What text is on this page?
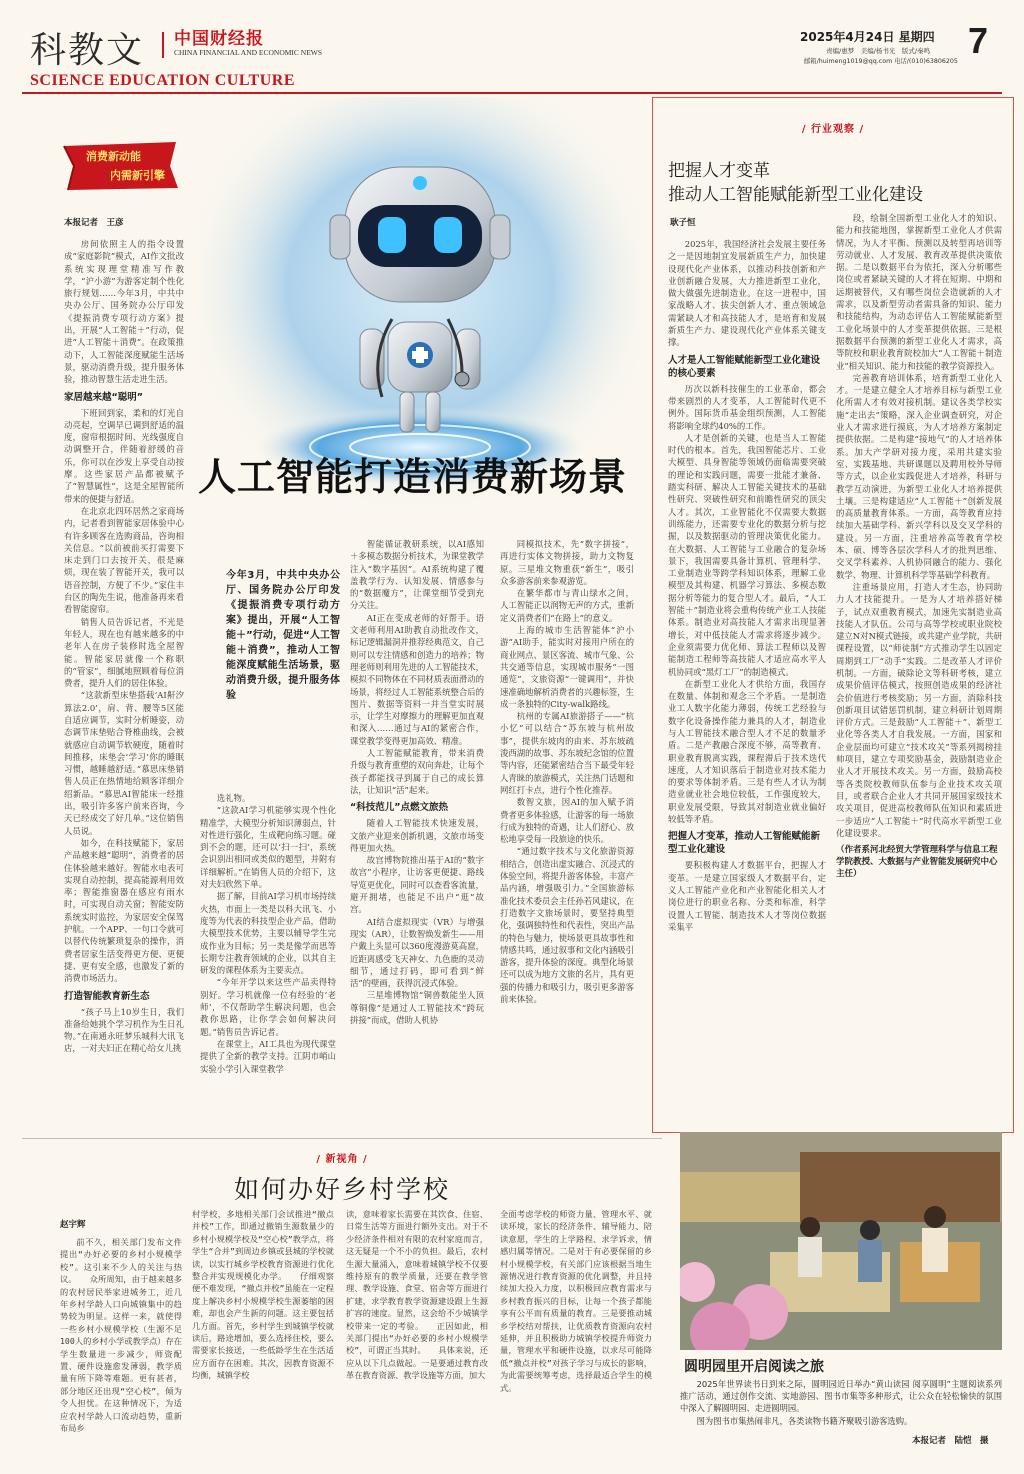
科教文 中国财经报
CHINA FINANCIAL AND ECONOMIC NEWS
SCIENCE EDUCATION CULTURE
2025年4月24日 星期四 7
责编/惠梦　美编/杨书光　版式/秦鸣
邮箱/huimeng1019@qq.com 电话/(010)63806205
消费新动能
内需新引擎
本报记者　王彦
人工智能打造消费新场景

今年3月，中共中央办公厅、国务院办公厅印发《提振消费专项行动方案》提出，开展“人工智能＋”行动，促进“人工智能＋消费”，推动人工智能深度赋能生活场景，驱动消费升级，提升服务体验

房间依照主人的指令设置成“家庭影院”模式，AI作文批改系统实现理堂精准写作教学，“沪小游”为游客定制个性化旅行规划……今年3月，中共中央办公厅、国务院办公厅印发《提振消费专项行动方案》提出，开展“人工智能＋”行动，促进“人工智能＋消费”。在政策推动下，人工智能深度赋能生活场景，驱动消费升级，提升服务体验，推动智慧生活走进生活。

家居越来越“聪明”

下班回到家，柔和的灯光自动亮起，空调早已调到舒适的温度，窗帘根据时间、光线强度自动调整开合，伴随着舒缓的音乐，你可以在沙发上享受自动按摩。这些家居产品都被赋予了“智慧属性”，这是全屋智能所带来的便捷与舒适。

在北京北四环居然之家商场内，记者看到智能家居体验中心有许多顾客在选购商品，咨询相关信息。“以前被前买打需要下床走到门口去按开关，很是麻烦，现在装了智能开关，我可以语音控制，方便了不少。”家住丰台区的陶先生说，他准备再来看看智能窗帘。

销售人员告诉记者，不光是年轻人，现在也有越来越多的中老年人在房子装修时选全屋智能。智能家居就像一个称职的“管家”，细腻地照顾着每位消费者，提升人们的居住体验。

“这款新型床垫搭载‘AI鼾汐算法2.0’，肩、背、腰等5区能自适应调节，实时分析睡姿，动态调节床垫贴合脊椎曲线，会被就感应自动调节软硬度，随着时间推移，床垫会‘学习’你的睡眠习惯，越睡越舒适。”慕思床垫销售人员正在热情地给顾客详细介绍新品。“慕思AI智能床一经推出，吸引许多客户前来咨询，今天已经成交了好几单。”这位销售人员说。

如今，在科技赋能下，家居产品越来越“聪明”，消费者的居住体验越来越好。智能水电表可实现自动控制，提高能源利用效率；智能推窗器在感应有雨水时，可实现自动关窗；智能安防系统实时监控，为家居安全保驾护航。一个APP、一句口令就可以替代传统繁琐复杂的操作，消费者居家生活变得更方便、更便捷、更有安全感，也激发了新的消费市场活力。

打造智能教育新生态

“孩子马上10岁生日，我们准备给她挑个学习机作为生日礼物。”在南通永旺梦乐城科大讯飞店，一对夫妇正在精心给女儿挑

选礼物。

“这款AI学习机能够实现个性化精准学，大模型分析知识薄弱点，针对性进行强化，生成靶向练习题。碰到不会的题，还可以‘扫一扫’，系统会识别出相同或类似的题型，并附有详细解析。”在销售人员的介绍下，这对夫妇欣然下单。

据了解，目前AI学习机市场持续火热，市面上一类是以科大讯飞、小度等为代表的科技型企业产品，借助大模型技术优势，主要以辅导学生完成作业为目标；另一类是像学而思等长期专注教育领域的企业，以其自主研发的课程体系为主要卖点。

“今年开学以来这些产品卖得特别好。学习机就像一位有经验的‘老师’，不仅帮助学生解决问题，也会教你思路，让你学会如何解决问题。”销售员告诉记者。

在课堂上，AI工具也为现代课堂提供了全新的教学支持。江阴市峭山实验小学引入课堂教学

智能循证教研系统，以AI感知＋多模态数据分析技术，为课堂教学注入“数字基因”。AI系统构建了覆盖教学行为、认知发展、情感参与的“数据魔方”，让课堂细节受到充分关注。

AI正在变成老师的好帮手。语文老师利用AI助教自动批改作文，标记逻辑漏洞并推荐经典范文，自己则可以专注情感和创造力的培养；物理老师则利用先进的人工智能技术，模拟不同物体在不同材质表面滑动的场景，将经过人工智能系统整合后的图片、数据等资料一并当堂实时展示，让学生对摩擦力的理解更加直观和深入……通过与AI的紧密合作，课堂教学变得更加高效、精准。

人工智能赋能教育，带来消费升级与教育重塑的双向奔赴，让每个孩子都能找寻到属于自己的成长算法，让知识“活”起来。

“科技范儿”点燃文旅热

随着人工智能技术快速发展，文旅产业迎来创新机遇，文旅市场变得更加火热。

故宫博物院推出基于AI的“数字故宫”小程序，让访客更便捷、路线导览更优化，同时可以查看客流量，避开拥堵，也能足不出户“逛”故宫。

AI结合虚拟现实（VR）与增强现实（AR），让数智焕发新生——用户戴上头显可以360度漫游莫高窟，近距离感受飞天神女、九色鹿的灵动细节，通过打码，即可看到“鲜活”的壁画，获得沉浸式体验。

三星堆博物馆“铜兽数能坐人顶尊铜像”是通过人工智能技术“跨玩拼接”而成，借助人机协

同模拟技术，先“数字拼接”，再进行实体文物拼接，助力文物复原。三星堆文物重获“新生”，吸引众多游客前来参观游览。

在繁华都市与青山绿水之间，人工智能正以润物无声的方式，重新定义消费者们“在路上”的意义。

上海的城市生活智能体“沪小游”AI助手，能实时对接用户所在的商业网点、景区客流、城市气象、公共交通等信息，实现城市服务“一图通览”，文旅资源“一键调用”，并快速准确地解析消费者的兴趣标签，生成一条独特的City-walk路线。

杭州的专属AI旅游搭子——“杭小忆”可以结合“苏东坡与杭州故事”，提供东坡肉的由来、苏东坡疏浚西湖的故事、苏东坡纪念馆的位置等内容，还能紧密结合当下最受年轻人青睐的旅游模式，关注热门话题和网红打卡点，进行个性化推荐。

数智文旅，因AI的加入赋予消费者更多体验感，让游客的每一场旅行成为独特的奇遇，让人们舒心、放松地享受每一段旅途的快乐。

“通过数字技术与文化旅游资源相结合，创造出虚实融合、沉浸式的体验空间，将提升游客体验，丰富产品内涵，增强吸引力。”全国旅游标准化技术委员会主任孙若风建议，在打造数字文旅场景时，要坚持典型化，强调独特性和代表性，突出产品的特色与魅力，使场景更具故事性和情感共鸣，通过叙事和文化内涵吸引游客，提升体验的深度。典型化场景还可以成为地方文旅的名片，具有更强的传播力和吸引力，吸引更多游客前来体验。

/ 行业观察 /
把握人才变革
推动人工智能赋能新型工业化建设
耿子恒

2025年，我国经济社会发展主要任务之一是因地制宜发展新质生产力，加快建设现代化产业体系，以推动科技创新和产业创新融合发展，大力推进新型工业化，做大做强先进制造业。在这一进程中，国家战略人才、拔尖创新人才、重点领域急需紧缺人才和高技能人才，是培育和发展新质生产力、建设现代化产业体系关键支撑。

人才是人工智能赋能新型工业化建设的核心要素

历次以新科技催生的工业革命，都会带来剧烈的人才变革，人工智能时代更不例外。国际货币基金组织预测，人工智能将影响全球约40%的工作。

人才是创新的关键，也是当人工智能时代的根本。首先，我国智能芯片、工业大模型、具身智能等领域仍面临需要突破的理论和实践问题，需要一批能才兼备、踏实科研、解决人工智能关键技术的基础性研究、突破性研究和前瞻性研究的顶尖人才。其次，工业智能化不仅需要大数据训练能力，还需要专业化的数据分析与挖掘，以及数据驱动的管理决策优化能力。在大数据、人工智能与工业融合的复杂场景下，我国需要具备计算机、管理科学、工业制造业等跨学科知识体系，理解工业模型及其构建、机器学习算法、多模态数据分析等能力的复合型人才。最后，“人工智能＋”制造业将会重构传统产业工人技能体系。制造业对高技能人才需求出现显著增长，对中低技能人才需求将逐步减少。企业须需要力优化师、算法工程师以及智能制造工程师等高技能人才适应高水平人机协同或“黑灯工厂”的制造模式。

在新型工业化人才供给方面，我国存在数量、体制和观念三个矛盾。一是制造业工人数字化能力薄弱，传统工艺经验与数字化设备操作能力兼具的人才，制造业与人工智能技术融合型人才不足的数量矛盾。二是产教融合深度不够，高等教育、职业教育脱离实践，课程滞后于技术迭代速度，人才知识落后于制造业对技术能力的要求等体制矛盾。三是有些人才认为制造业就业社会地位较低，工作强度较大，职业发展受限，导致其对制造业就业偏好较低等矛盾。

把握人才变革，推动人工智能赋能新型工业化建设

要积极构建人才数据平台，把握人才变革。一是建立国家级人才数据平台，定义人工智能产业化和产业智能化相关人才岗位进行的职业名称、分类和标准，科学设置人工智能、制造技术人才等岗位数据采集平

段，绘制全国新型工业化人才的知识、能力和技能地图，掌握新型工业化人才供需情况，为人才平衡、预测以及转型再培训等劳动就业、人才发展、教育改革提供决策依据。二是以数据平台为依托，深入分析哪些岗位或者紧缺关键的人才将在短期、中期和远期被替代，又有哪些岗位会造就新的人才需求，以及新型劳动者需具备的知识、能力和技能结构，为动态评估人工智能赋能新型工业化场景中的人才变革提供依据。三是根据数据平台预测的新型工业化人才需求，高等院校和职业教育院校加大“人工智能＋制造业”相关知识、能力和技能的教学资源投入。

完善教育培训体系，培育新型工业化人才。一是建立健全人才培养目标与新型工业化所需人才有效对接机制。建议各类学校实施“走出去”策略，深入企业调查研究，对企业人才需求进行摸底，为人才培养方案制定提供依据。二是构建“接地气”的人才培养体系。加大产学研对接力度，采用共建实验室、实践基地、共研课题以及聘用校外导师等方式，以企业实践促进人才培养，科研与教学互动演进，为新型工业化人才培养提供土壤。三是构建适应“人工智能＋”创新发展的高质量教育体系。一方面，高等教育应持续加大基础学科、新兴学科以及交叉学科的建设。另一方面，注重培养高等教育学校本、硕、博等各层次学科人才的批判思维、交叉学科素养、人机协同融合的能力、强化数学、物理、计算机科学等基础学科教育。

注重场景应用，打造人才生态，协同助力人才技能提升。一是为人才培养搭好梯子，试点双重教育模式，加速先实制造业高技能人才队伍。公司与高等学校或职业院校建立N对N模式链接，或共建产业学院，共研课程设置，以“师徒制”方式推动学生以固定周期到工厂“动手”实践。二是改革人才评价机制。一方面，破除论文等科研考核，建立成果价值评估模式，按照创造成果的经济社会价值进行考核奖励；另一方面，消除科技创新项目试错惩罚机制，建立科研计划周期评价方式。三是鼓励“人工智能＋”、新型工业化等各类人才自我发展。一方面，国家和企业层面均可建立“技术攻关”等系列揭榜挂帅项目，建立专项奖励基金，鼓励制造业企业人才开展技术攻关。另一方面，鼓励高校等各类院校教师队伍参与企业技术攻关项目，或者联合企业人才共同开展国家级技术攻关项目，促进高校教师队伍知识和素质进一步适应“人工智能＋”时代高水平新型工业化建设要求。

（作者系河北经贸大学管理科学与信息工程学院教授、大数据与产业智能发展研究中心主任）

/ 新视角 /
如何办好乡村学校
赵宇辉

前不久，相关部门发布文件提出“办好必要的乡村小规模学校”。这引来不少人的关注与热议。　　众所周知，由于越来越多的农村居民举家进城务工，近几年乡村学龄人口向城镇集中的趋势较为明显。这样一来，就使得一些乡村小规模学校（生源不足100人的乡村小学或教学点）存在学生数量进一步减少，师资配置、硬件设施愈发薄弱，教学质量有所下降等难题。更有甚者，部分地区还出现“空心校”，倾为令人担忧。在这种情况下，为适应农村学龄人口流动趋势，重新布局乡

村学校，多地相关部门会试推进“撤点并校”工作，即通过撤销生源数量少的乡村小规模学校及“空心校”教学点，将学生“合并”到周边乡镇或县城的学校就读，以实行城乡学校教育资源进行优化整合并实现规模化办学。　　仔细观察便不难发现，“撤点并校”虽能在一定程度上解决乡村小规模学校生源萎缩的困难，却也会产生新的问题。这主要包括几方面。首先，乡村学生到城镇学校就读后，路途增加，要么选择住校，要么需要家长接送，一些低龄学生在生活适应方面存在困难。其次，因教育资源不均衡，城镇学校

读，意味着家长需要在其饮食、住宿、日常生活等方面进行额外支出。对于不少经济条件相对有限的农村家庭而言，这无疑是一个不小的负担。最后，农村生源大量涌入，意味着城镇学校不仅要维持原有的教学质量，还要在教学管理、教学设施、食堂、宿舍等方面进行扩建，求学教育教学资源建设跟上生源扩容的速度。显然，这会给不少城镇学校带来一定的考验。　　正因如此，相关部门提出“办好必要的乡村小规模学校”，可谓正当其时。　　具体来说，还应从以下几点做起。一是要通过教育改革在教育资源、教学设施等方面，加大

全面考虑学校的师资力量、管理水平、就读环境，家长的经济条件、辅导能力、陪读意愿，学生的上学路程、求学诉求，情感归属等情况。二是对于有必要保留的乡村小规模学校，有关部门应该根据当地生源情况进行教育资源的优化调整，并且持续加大投入力度，以积极回应教育需求与乡村教育振兴的目标，让每一个孩子都能享有公平而有质量的教育。三是要推动城乡学校结对帮扶，让优质教育资源向农村延伸，并且积极助力城镇学校提升师资力量，管理水平和硬件设施，以求尽可能降低“撤点并校”对孩子学习与成长的影响，为此需要统筹考虑，选择最适合学生的模式。

圆明园里开启阅读之旅

2025年世界读书日到来之际，圆明园近日举办“黄山读园 阅享圆明”主题阅读系列推广活动，通过创作交流、实地游园、图书市集等多种形式，让公众在轻松愉快的氛围中深入了解圆明园、走进圆明园。

图为图书市集热闹非凡，各类读物书籍齐聚吸引游客选购。

本报记者　陆恺　摄
